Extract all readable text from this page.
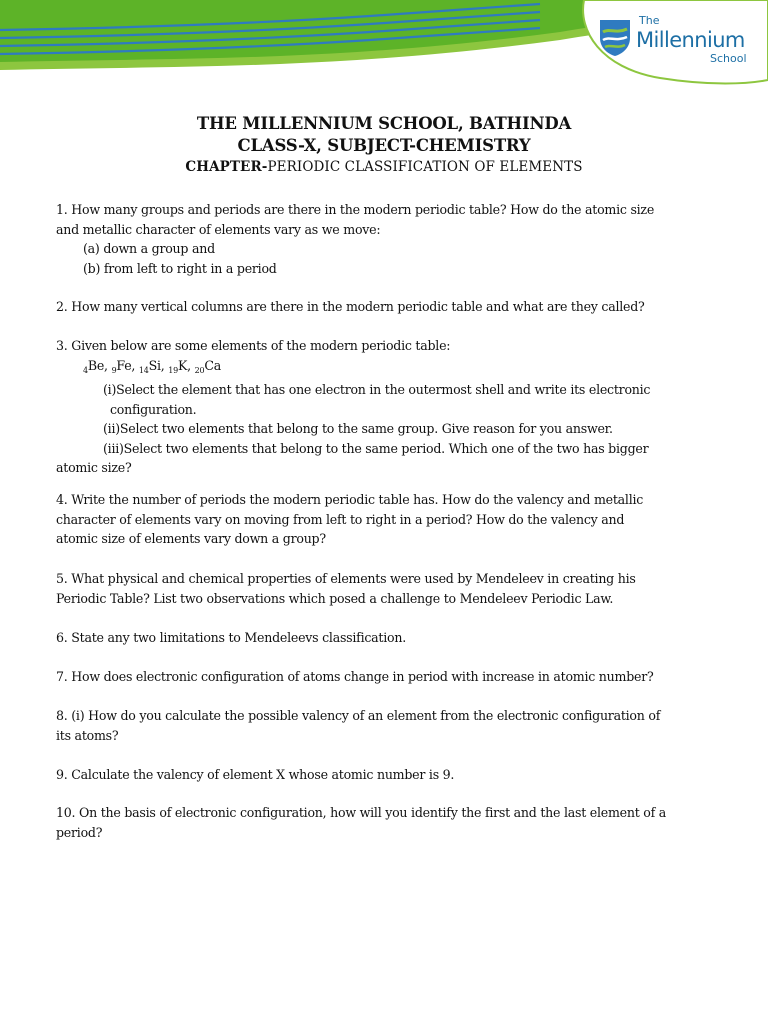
The
Millennium
School
THE MILLENNIUM SCHOOL, BATHINDA
CLASS-X, SUBJECT-CHEMISTRY
CHAPTER-PERIODIC CLASSIFICATION OF ELEMENTS
1. How many groups and periods are there in the modern periodic table? How do the atomic size
and metallic character of elements vary as we move:
(a) down a group and
(b) from left to right in a period
2. How many vertical columns are there in the modern periodic table and what are they called?
3. Given below are some elements of the modern periodic table:
$_4$Be, $_9$Fe, $_{14}$Si, $_{19}$K, $_{20}$Ca
(i)Select the element that has one electron in the outermost shell and write its electronic
configuration.
(ii)Select two elements that belong to the same group. Give reason for you answer.
(iii)Select two elements that belong to the same period. Which one of the two has bigger
atomic size?
4. Write the number of periods the modern periodic table has. How do the valency and metallic
character of elements vary on moving from left to right in a period? How do the valency and
atomic size of elements vary down a group?
5. What physical and chemical properties of elements were used by Mendeleev in creating his
Periodic Table? List two observations which posed a challenge to Mendeleev Periodic Law.
6. State any two limitations to Mendeleevs classification.
7. How does electronic configuration of atoms change in period with increase in atomic number?
8. (i) How do you calculate the possible valency of an element from the electronic configuration of
its atoms?
9. Calculate the valency of element X whose atomic number is 9.
10. On the basis of electronic configuration, how will you identify the first and the last element of a
period?
